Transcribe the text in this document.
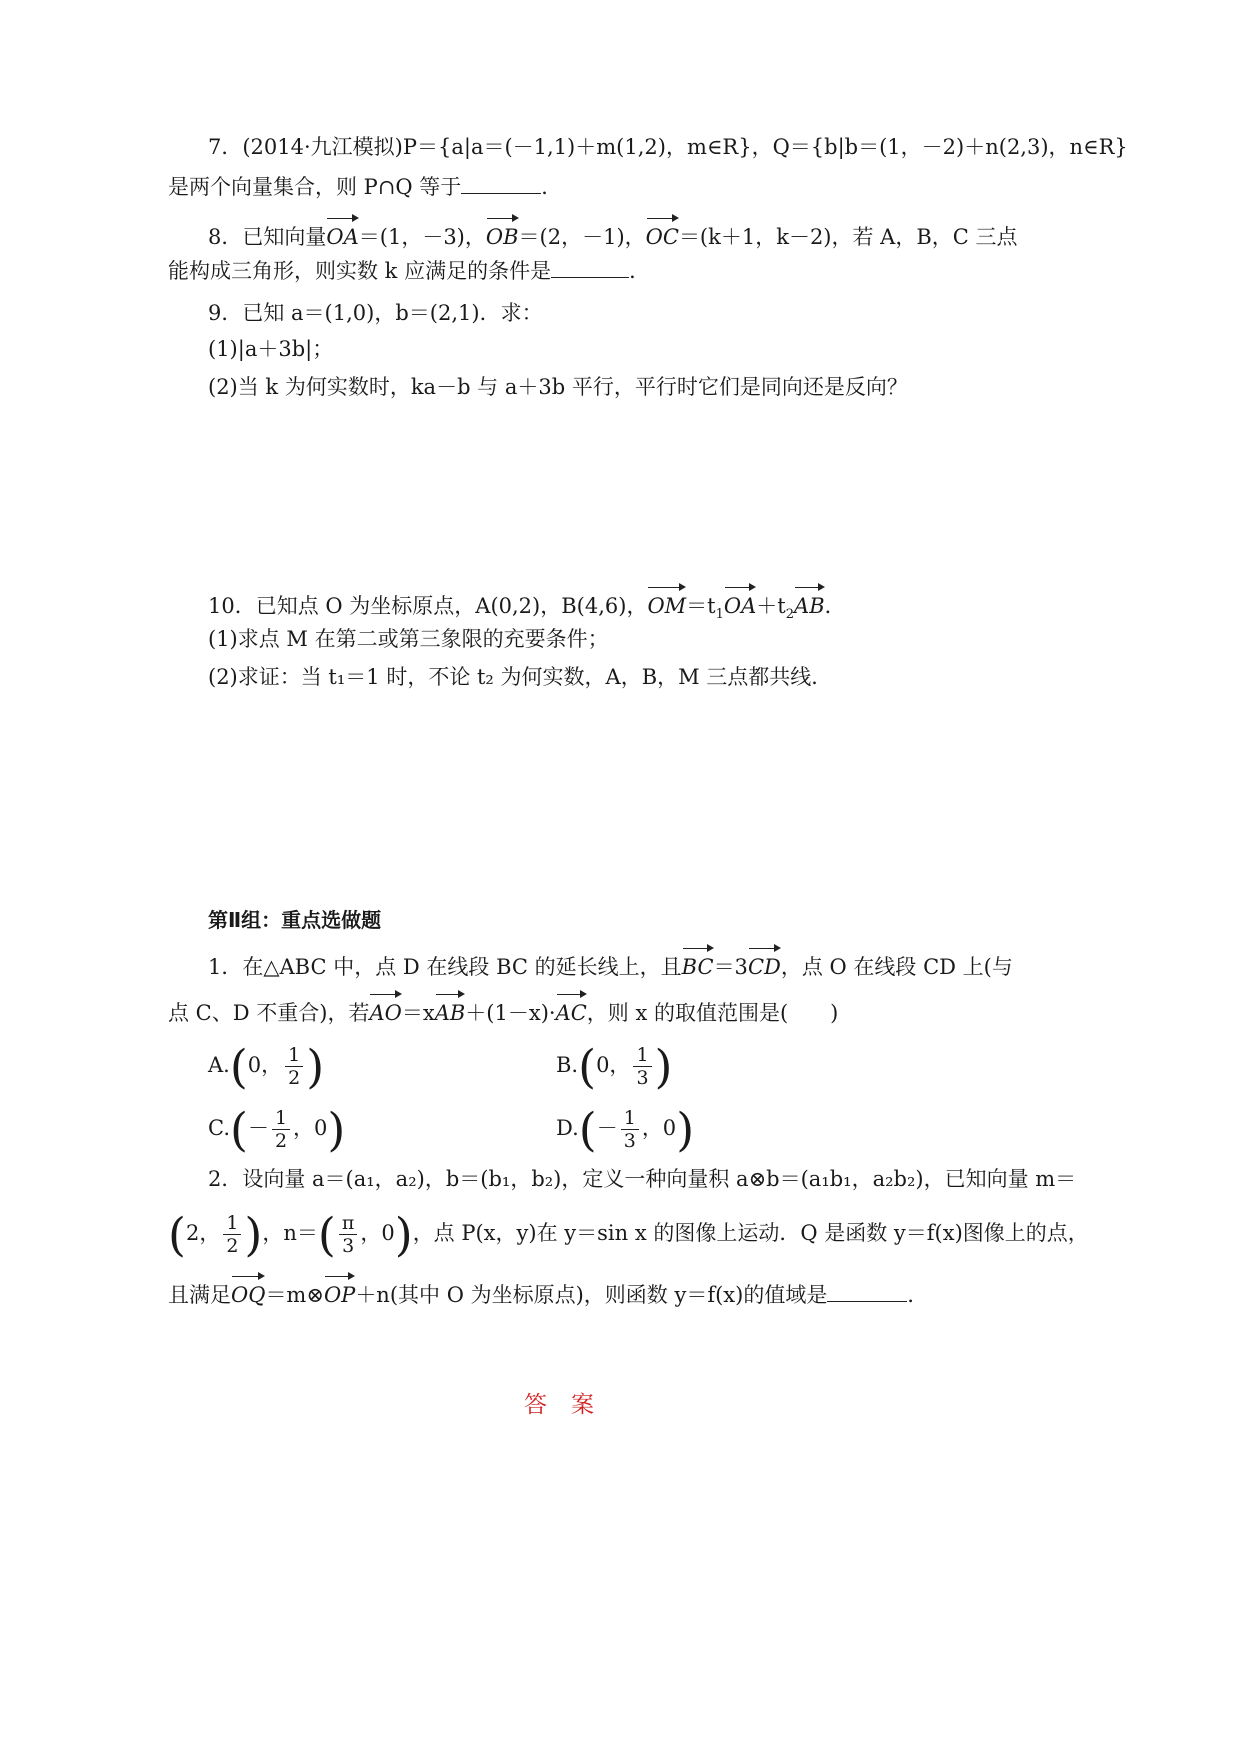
7．(2014·九江模拟)P＝{a|a＝(－1,1)＋m(1,2)，m∈R}，Q＝{b|b＝(1，－2)＋n(2,3)，n∈R}
是两个向量集合，则 P∩Q 等于	．
8．已知向量OA＝(1，－3)，OB＝(2，－1)，OC＝(k＋1，k－2)，若 A，B，C 三点
能构成三角形，则实数 k 应满足的条件是	．
9．已知 a＝(1,0)，b＝(2,1)．求：
(1)|a＋3b|；
(2)当 k 为何实数时，ka－b 与 a＋3b 平行，平行时它们是同向还是反向？
10．已知点 O 为坐标原点，A(0,2)，B(4,6)，$OM=t_1OA+t_2AB$．
(1)求点 M 在第二或第三象限的充要条件；
(2)求证：当 t₁＝1 时，不论 t₂ 为何实数，A，B，M 三点都共线．
第Ⅱ组：重点选做题
1．在△ABC 中，点 D 在线段 BC 的延长线上，且BC＝3CD，点 O 在线段 CD 上(与
点 C、D 不重合)，若AO＝xAB＋(1－x)·AC，则 x 的取值范围是(　　)
A.(0， $\frac{1}{2}$ )	B.(0， $\frac{1}{3}$ )
$C.(- \frac{1}{2}$ ，0)	$D.(- \frac{1}{3}$ ，0)
2．设向量 a＝(a₁，a₂)，b＝(b₁，b₂)，定义一种向量积 a⊗b＝(a₁b₁，a₂b₂)，已知向量 m＝
(2， $\frac{1}{2}$ )，$n=( \frac{\pi}{3}$ ，0)，点 P(x，y)在 y＝sin x 的图像上运动．Q 是函数 y＝f(x)图像上的点，
且满足OQ＝m⊗OP＋n(其中 O 为坐标原点)，则函数 y＝f(x)的值域是	．
答案
